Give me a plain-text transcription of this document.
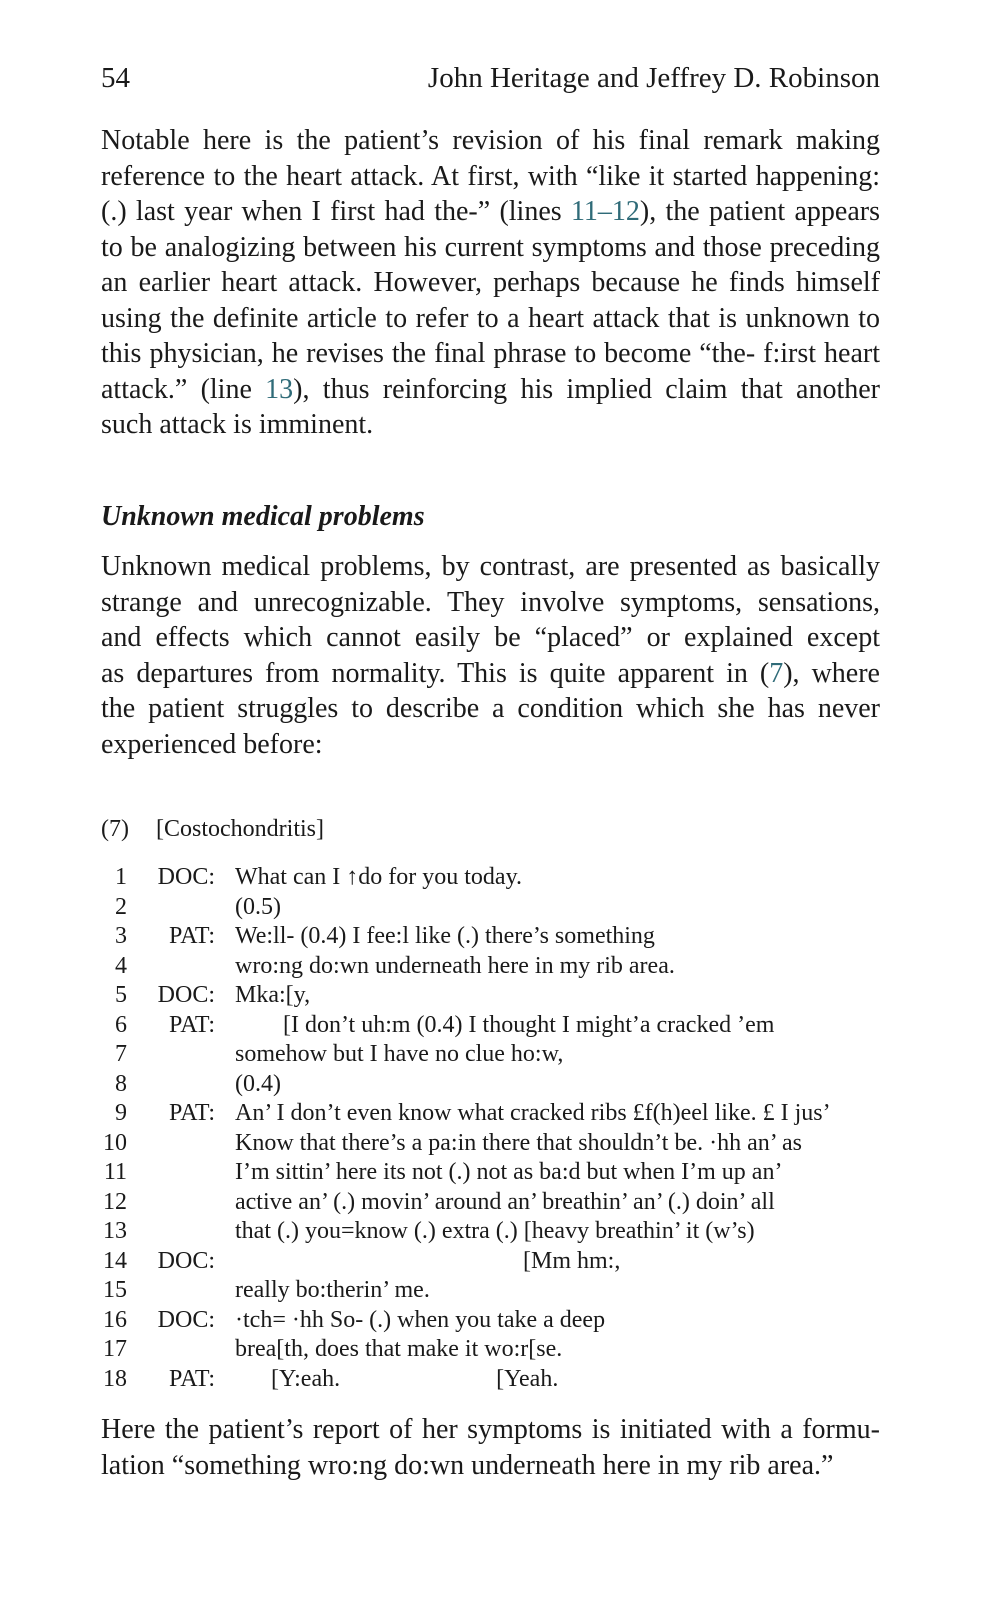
54	John Heritage and Jeffrey D. Robinson
Notable here is the patient’s revision of his final remark making
reference to the heart attack. At first, with “like it started happening:
(.) last year when I first had the-” (lines 11–12), the patient appears
to be analogizing between his current symptoms and those preceding
an earlier heart attack. However, perhaps because he finds himself
using the definite article to refer to a heart attack that is unknown to
this physician, he revises the final phrase to become “the- f:irst heart
attack.” (line 13), thus reinforcing his implied claim that another
such attack is imminent.
Unknown medical problems
Unknown medical problems, by contrast, are presented as basically
strange and unrecognizable. They involve symptoms, sensations,
and effects which cannot easily be “placed” or explained except
as departures from normality. This is quite apparent in (7), where
the patient struggles to describe a condition which she has never
experienced before:

(7) [Costochondritis]

1 DOC: What can I ↑do for you today.
2	(0.5)
3	PAT: We:ll- (0.4) I fee:l like (.) there’s something
4	wro:ng do:wn underneath here in my rib area.
5 DOC: Mka:[y,
6	PAT: [I don’t uh:m (0.4) I thought I might’a cracked ’em
7	somehow but I have no clue ho:w,
8	(0.4)
9	PAT: An’ I don’t even know what cracked ribs £f(h)eel like. £ I jus’
10	Know that there’s a pa:in there that shouldn’t be. ·hh an’ as
11	I’m sittin’ here its not (.) not as ba:d but when I’m up an’
12	active an’ (.) movin’ around an’ breathin’ an’ (.) doin’ all
13	that (.) you=know (.) extra (.) [heavy breathin’ it (w’s)
14 DOC: [Mm hm:,
15	really bo:therin’ me.
16 DOC: ·tch= ·hh So- (.) when you take a deep
17	brea[th, does that make it wo:r[se.
18	PAT: [Y:eah.                          [Yeah.
Here the patient’s report of her symptoms is initiated with a formu-
lation “something wro:ng do:wn underneath here in my rib area.”
